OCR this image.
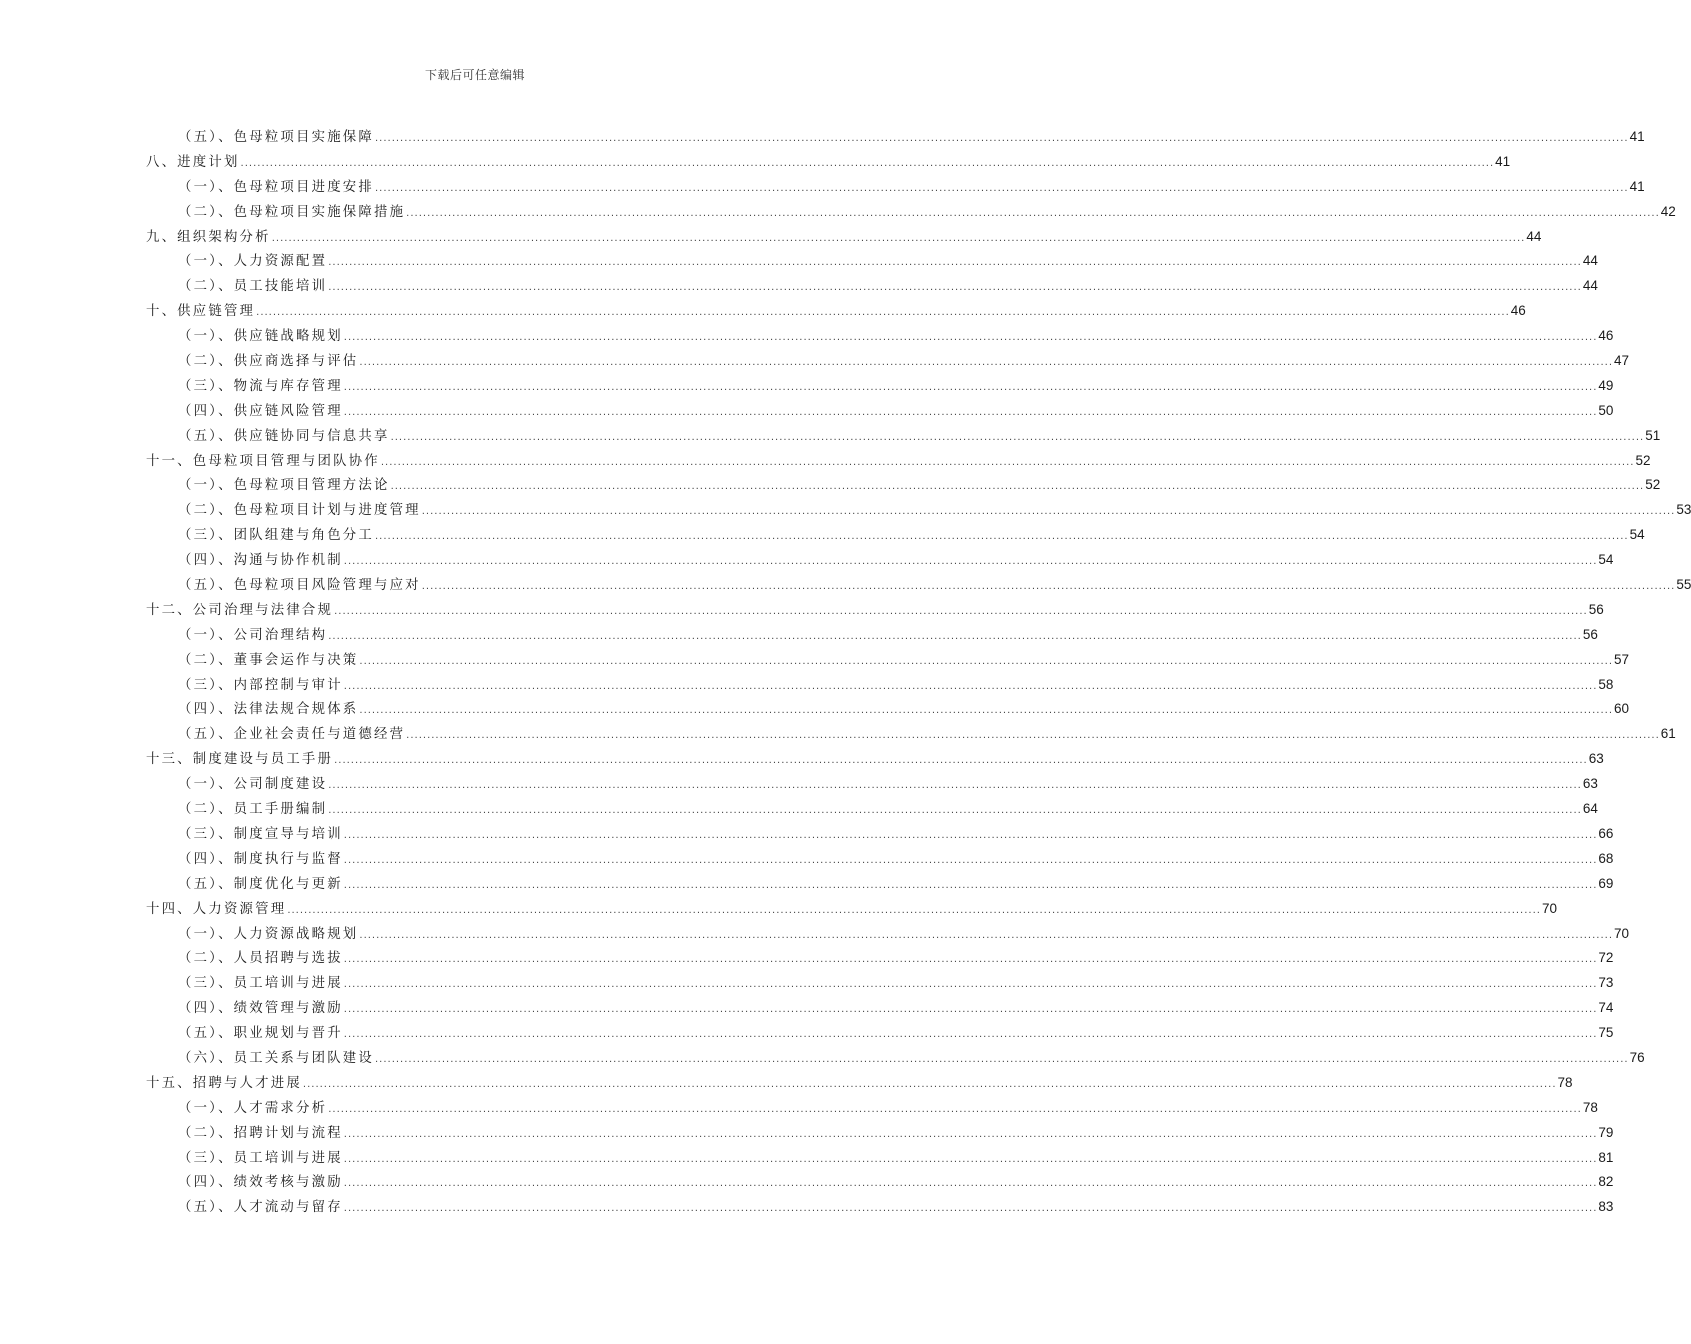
下载后可任意编辑
（五）、色母粒项目实施保障 ............................................................................................................................................................................................................................................................................................................ 41
八、进度计划 ............................................................................................................................................................................................................................................................................................................ 41
（一）、色母粒项目进度安排 ............................................................................................................................................................................................................................................................................................................ 41
（二）、色母粒项目实施保障措施 ............................................................................................................................................................................................................................................................................................................ 42
九、组织架构分析 ............................................................................................................................................................................................................................................................................................................ 44
（一）、人力资源配置 ............................................................................................................................................................................................................................................................................................................ 44
（二）、员工技能培训 ............................................................................................................................................................................................................................................................................................................ 44
十、供应链管理 ............................................................................................................................................................................................................................................................................................................ 46
（一）、供应链战略规划 ............................................................................................................................................................................................................................................................................................................ 46
（二）、供应商选择与评估 ............................................................................................................................................................................................................................................................................................................ 47
（三）、物流与库存管理 ............................................................................................................................................................................................................................................................................................................ 49
（四）、供应链风险管理 ............................................................................................................................................................................................................................................................................................................ 50
（五）、供应链协同与信息共享 ............................................................................................................................................................................................................................................................................................................ 51
十一、色母粒项目管理与团队协作 ............................................................................................................................................................................................................................................................................................................ 52
（一）、色母粒项目管理方法论 ............................................................................................................................................................................................................................................................................................................ 52
（二）、色母粒项目计划与进度管理 ............................................................................................................................................................................................................................................................................................................ 53
（三）、团队组建与角色分工 ............................................................................................................................................................................................................................................................................................................ 54
（四）、沟通与协作机制 ............................................................................................................................................................................................................................................................................................................ 54
（五）、色母粒项目风险管理与应对 ............................................................................................................................................................................................................................................................................................................ 55
十二、公司治理与法律合规 ............................................................................................................................................................................................................................................................................................................ 56
（一）、公司治理结构 ............................................................................................................................................................................................................................................................................................................ 56
（二）、董事会运作与决策 ............................................................................................................................................................................................................................................................................................................ 57
（三）、内部控制与审计 ............................................................................................................................................................................................................................................................................................................ 58
（四）、法律法规合规体系 ............................................................................................................................................................................................................................................................................................................ 60
（五）、企业社会责任与道德经营 ............................................................................................................................................................................................................................................................................................................ 61
十三、制度建设与员工手册 ............................................................................................................................................................................................................................................................................................................ 63
（一）、公司制度建设 ............................................................................................................................................................................................................................................................................................................ 63
（二）、员工手册编制 ............................................................................................................................................................................................................................................................................................................ 64
（三）、制度宣导与培训 ............................................................................................................................................................................................................................................................................................................ 66
（四）、制度执行与监督 ............................................................................................................................................................................................................................................................................................................ 68
（五）、制度优化与更新 ............................................................................................................................................................................................................................................................................................................ 69
十四、人力资源管理 ............................................................................................................................................................................................................................................................................................................ 70
（一）、人力资源战略规划 ............................................................................................................................................................................................................................................................................................................ 70
（二）、人员招聘与选拔 ............................................................................................................................................................................................................................................................................................................ 72
（三）、员工培训与进展 ............................................................................................................................................................................................................................................................................................................ 73
（四）、绩效管理与激励 ............................................................................................................................................................................................................................................................................................................ 74
（五）、职业规划与晋升 ............................................................................................................................................................................................................................................................................................................ 75
（六）、员工关系与团队建设 ............................................................................................................................................................................................................................................................................................................ 76
十五、招聘与人才进展 ............................................................................................................................................................................................................................................................................................................ 78
（一）、人才需求分析 ............................................................................................................................................................................................................................................................................................................ 78
（二）、招聘计划与流程 ............................................................................................................................................................................................................................................................................................................ 79
（三）、员工培训与进展 ............................................................................................................................................................................................................................................................................................................ 81
（四）、绩效考核与激励 ............................................................................................................................................................................................................................................................................................................ 82
（五）、人才流动与留存 ............................................................................................................................................................................................................................................................................................................ 83
